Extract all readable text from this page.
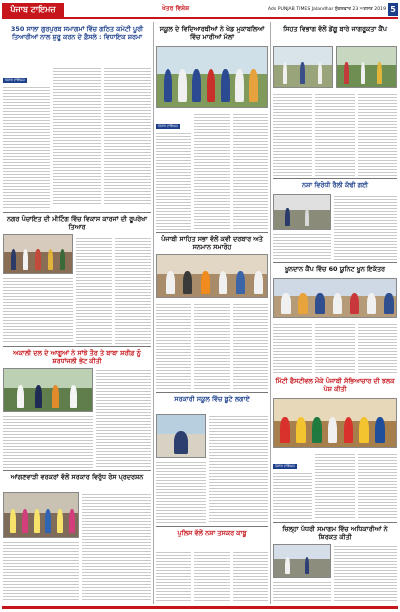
ਪੰਜਾਬ ਟਾਇਮਜ਼	ਖੇਤਰ ਵਿਸ਼ੇਸ਼	Ads PUNJAB TIMES Jalandhar ਸ਼ੁੱਕਰਵਾਰ 23 ਅਗਸਤ 2019 5
350 ਸਾਲਾ ਗੁਰਪੁਰਬ ਸਮਾਗਮਾਂ ਵਿੱਚ ਗਠਿਤ ਕਮੇਟੀ ਪੂਰੀ ਤਿਆਰੀਆਂ ਨਾਲ ਸ਼ੁਰੂ ਕਰਨ ਦੇ ਫ਼ੈਸਲੇ : ਵਿਧਾਇਕ ਸ਼ਰਮਾ
ਪੰਜਾਬ ਟਾਇਮਜ਼
ਨਗਰ ਪੰਚਾਇਤ ਦੀ ਮੀਟਿੰਗ ਵਿੱਚ ਵਿਕਾਸ ਕਾਰਜਾਂ ਦੀ ਰੂਪਰੇਖਾ ਤਿਆਰ
ਅਕਾਲੀ ਦਲ ਦੇ ਆਗੂਆਂ ਨੇ ਸਾਂਝੇ ਤੌਰ ਤੇ ਬਾਬਾ ਸ਼ਰੀਫ਼ ਨੂੰ ਸ਼ਰਧਾਂਜਲੀ ਭੇਟ ਕੀਤੀ
ਆਂਗਣਵਾੜੀ ਵਰਕਰਾਂ ਵੱਲੋਂ ਸਰਕਾਰ ਵਿਰੁੱਧ ਰੋਸ ਪ੍ਰਦਰਸ਼ਨ
ਸਕੂਲ ਦੇ ਵਿਦਿਆਰਥੀਆਂ ਨੇ ਖੇਡ ਮੁਕਾਬਲਿਆਂ ਵਿੱਚ ਮਾਰੀਆਂ ਮੱਲਾਂ
ਪੰਜਾਬ ਟਾਇਮਜ਼
ਪੰਜਾਬੀ ਸਾਹਿਤ ਸਭਾ ਵੱਲੋਂ ਕਵੀ ਦਰਬਾਰ ਅਤੇ ਸਨਮਾਨ ਸਮਾਰੋਹ
ਸਰਕਾਰੀ ਸਕੂਲ ਵਿੱਚ ਬੂਟੇ ਲਗਾਏ
ਪੁਲਿਸ ਵੱਲੋਂ ਨਸ਼ਾ ਤਸਕਰ ਕਾਬੂ
ਸਿਹਤ ਵਿਭਾਗ ਵੱਲੋਂ ਡੇਂਗੂ ਬਾਰੇ ਜਾਗਰੂਕਤਾ ਕੈਂਪ
ਨਸ਼ਾ ਵਿਰੋਧੀ ਰੈਲੀ ਕੱਢੀ ਗਈ
ਖੂਨਦਾਨ ਕੈਂਪ ਵਿੱਚ 60 ਯੂਨਿਟ ਖੂਨ ਇਕੱਤਰ
ਮਿੱਟੀ ਫੈਸਟੀਵਲ ਮੌਕੇ ਪੰਜਾਬੀ ਸੱਭਿਆਚਾਰ ਦੀ ਝਲਕ ਪੇਸ਼ ਕੀਤੀ
ਪੰਜਾਬ ਟਾਇਮਜ਼
ਜ਼ਿਲ੍ਹਾ ਪੱਧਰੀ ਸਮਾਗਮ ਵਿੱਚ ਅਧਿਕਾਰੀਆਂ ਨੇ ਸ਼ਿਰਕਤ ਕੀਤੀ
